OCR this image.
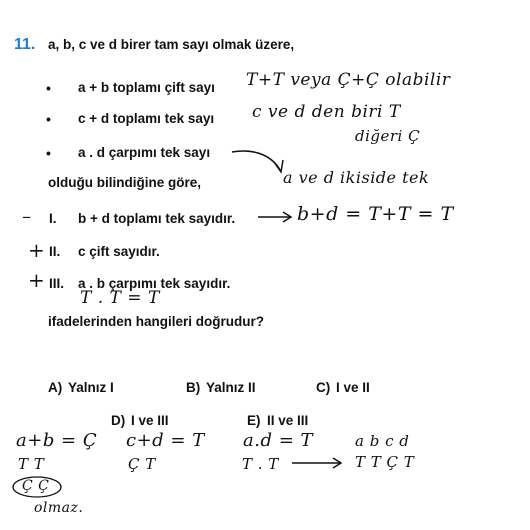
11. a, b, c ve d birer tam sayı olmak üzere,
• a + b toplamı çift sayı
• c + d toplamı tek sayı
• a . d çarpımı tek sayı
olduğu bilindiğine göre,
I. b + d toplamı tek sayıdır.
II. c çift sayıdır.
III. a . b çarpımı tek sayıdır.
ifadelerinden hangileri doğrudur?
A) Yalnız I	B) Yalnız II	C) I ve II
D) I ve III	E) II ve III
T+T veya Ç+Ç olabilir
c ve d den biri T
diğeri Ç
a ve d ikiside tek
–
+
+
b+d = T+T = T
T . T = T
a+b = Ç
T T
Ç Ç
olmaz.
c+d = T
Ç T
a.d = T
T . T
a b c d
T T Ç T
